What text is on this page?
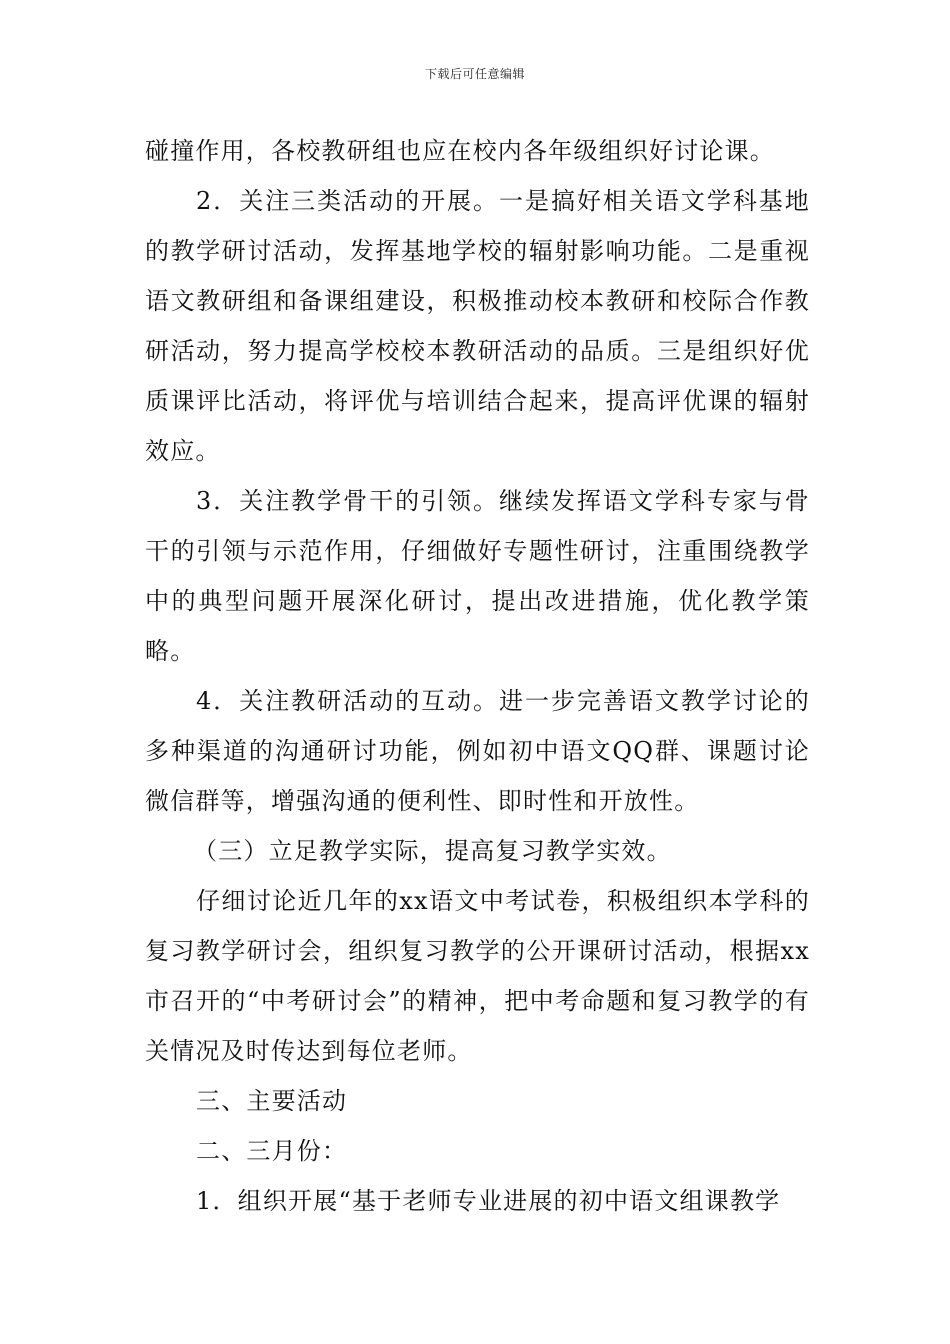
下载后可任意编辑

碰撞作用，各校教研组也应在校内各年级组织好讨论课。

2．关注三类活动的开展。一是搞好相关语文学科基地的教学研讨活动，发挥基地学校的辐射影响功能。二是重视语文教研组和备课组建设，积极推动校本教研和校际合作教研活动，努力提高学校校本教研活动的品质。三是组织好优质课评比活动，将评优与培训结合起来，提高评优课的辐射效应。

3．关注教学骨干的引领。继续发挥语文学科专家与骨干的引领与示范作用，仔细做好专题性研讨，注重围绕教学中的典型问题开展深化研讨，提出改进措施，优化教学策略。

4．关注教研活动的互动。进一步完善语文教学讨论的多种渠道的沟通研讨功能，例如初中语文QQ群、课题讨论微信群等，增强沟通的便利性、即时性和开放性。

（三）立足教学实际，提高复习教学实效。

仔细讨论近几年的xx语文中考试卷，积极组织本学科的复习教学研讨会，组织复习教学的公开课研讨活动，根据xx市召开的“中考研讨会”的精神，把中考命题和复习教学的有关情况及时传达到每位老师。

三、主要活动

二、三月份：

1．组织开展“基于老师专业进展的初中语文组课教学
